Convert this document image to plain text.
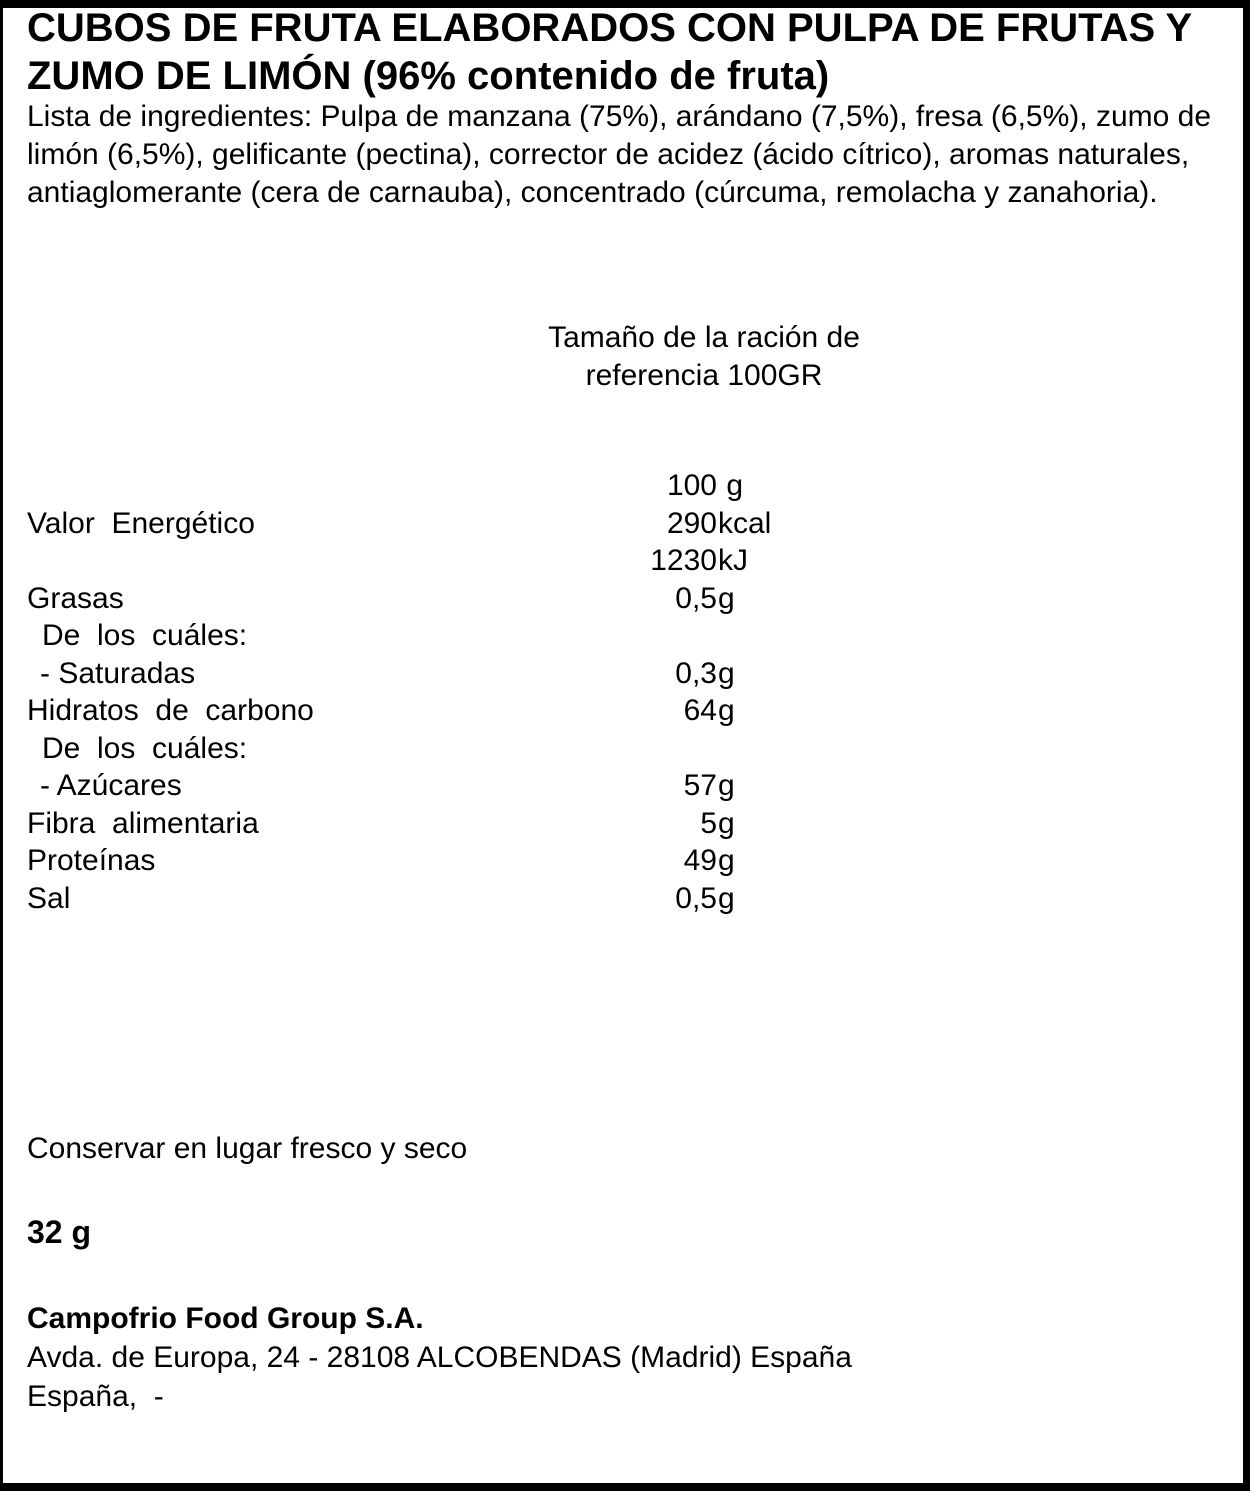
CUBOS DE FRUTA ELABORADOS CON PULPA DE FRUTAS Y
ZUMO DE LIMÓN (96% contenido de fruta)
Lista de ingredientes: Pulpa de manzana (75%), arándano (7,5%), fresa (6,5%), zumo de limón (6,5%), gelificante (pectina), corrector de acidez (ácido cítrico), aromas naturales, antiaglomerante (cera de carnauba), concentrado (cúrcuma, remolacha y zanahoria).
Tamaño de la ración de
referencia 100GR
100 g
Valor  Energético	290 kcal
1230 kJ
Grasas	0,5 g
De  los  cuáles:
- Saturadas	0,3 g
Hidratos  de  carbono	64 g
De  los  cuáles:
- Azúcares	57 g
Fibra  alimentaria	5 g
Proteínas	49 g
Sal	0,5 g
Conservar en lugar fresco y seco
32 g
Campofrio Food Group S.A.
Avda. de Europa, 24 - 28108 ALCOBENDAS (Madrid) España
España,  -
